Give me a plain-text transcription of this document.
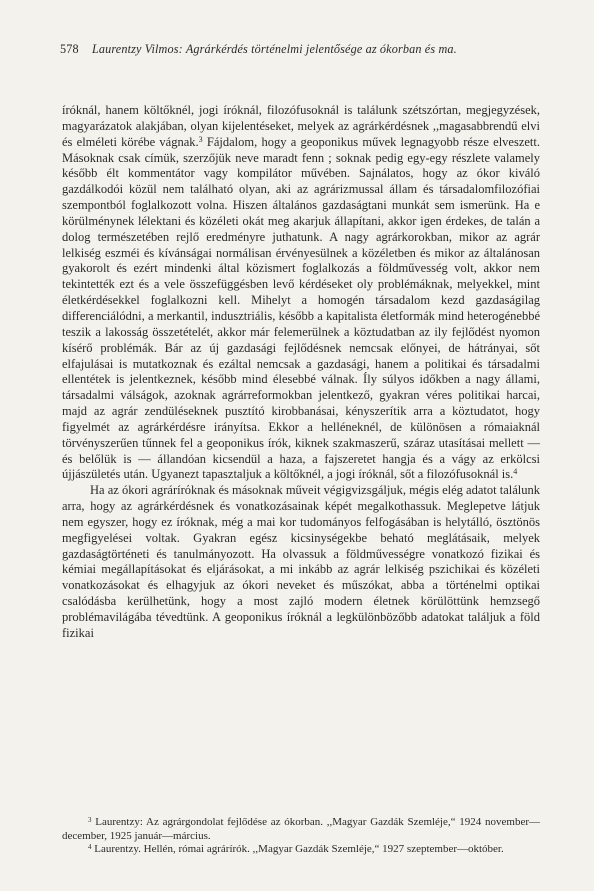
578 Laurentzy Vilmos: Agrárkérdés történelmi jelentősége az ókorban és ma.

íróknál, hanem költőknél, jogi íróknál, filozófusoknál is találunk szétszórtan, megjegyzések, magyarázatok alakjában, olyan kijelentéseket, melyek az agrárkérdésnek ,,magasabbrendű elvi és elméleti körébe vágnak.$^3$ Fájdalom, hogy a geoponikus művek legnagyobb része elveszett. Másoknak csak címük, szerzőjük neve maradt fenn ; soknak pedig egy-egy részlete valamely később élt kommentátor vagy kompilátor művében. Sajnálatos, hogy az ókor kiváló gazdálkodói közül nem található olyan, aki az agrárizmussal állam és társadalomfilozófiai szempontból foglalkozott volna. Hiszen általános gazdaságtani munkát sem ismerünk. Ha e körülménynek lélektani és közéleti okát meg akarjuk állapítani, akkor igen érdekes, de talán a dolog természetében rejlő eredményre juthatunk. A nagy agrárkorokban, mikor az agrár lelkiség eszméi és kívánságai normálisan érvényesülnek a közéletben és mikor az általánosan gyakorolt és ezért mindenki által közismert foglalkozás a földművesség volt, akkor nem tekintették ezt és a vele összefüggésben levő kérdéseket oly problémáknak, melyekkel, mint életkérdésekkel foglalkozni kell. Mihelyt a homogén társadalom kezd gazdaságilag differenciálódni, a merkantil, indusztriális, később a kapitalista életformák mind heterogénebbé teszik a lakosság összetételét, akkor már felemerülnek a köztudatban az ily fejlődést nyomon kísérő problémák. Bár az új gazdasági fejlődésnek nemcsak előnyei, de hátrányai, sőt elfajulásai is mutatkoznak és ezáltal nemcsak a gazdasági, hanem a politikai és társadalmi ellentétek is jelentkeznek, később mind élesebbé válnak. Íly súlyos időkben a nagy állami, társadalmi válságok, azoknak agrárreformokban jelentkező, gyakran véres politikai harcai, majd az agrár zendüléseknek pusztító kirobbanásai, kényszerítik arra a köztudatot, hogy figyelmét az agrárkérdésre irányítsa. Ekkor a helléneknél, de különösen a rómaiaknál törvényszerűen tűnnek fel a geoponikus írók, kiknek szakmaszerű, száraz utasításai mellett — és belőlük is — állandóan kicsendül a haza, a fajszeretet hangja és a vágy az erkölcsi újjászületés után. Ugyanezt tapasztaljuk a költőknél, a jogi íróknál, sőt a filozófusoknál is.$^4$

Ha az ókori agrárírόknak és másoknak műveit végigvizsgáljuk, mégis elég adatot találunk arra, hogy az agrárkérdésnek és vonatkozásainak képét megalkothassuk. Meglepetve látjuk nem egyszer, hogy ez íróknak, még a mai kor tudományos felfogásában is helytálló, ösztönös megfigyelései voltak. Gyakran egész kicsinységekbe beható meglátásaik, melyek gazdaságtörténeti és tanulmányozott. Ha olvassuk a földművességre vonatkozó fizikai és kémiai megállapításokat és eljárásokat, a mi inkább az agrár lelkiség pszichikai és közéleti vonatkozásokat és elhagyjuk az ókori neveket és műszókat, abba a történelmi optikai csalódásba kerülhetünk, hogy a most zajló modern életnek körülöttünk hemzsegő problémavilágába tévedtünk. A geoponikus íróknál a legkülönbözőbb adatokat találjuk a föld fizikai

$^3$ Laurentzy: Az agrárgondolat fejlődése az ókorban. ,,Magyar Gazdák Szemléje,“ 1924 november—december, 1925 január—március.

$^4$ Laurentzy. Hellén, római agrárírók. ,,Magyar Gazdák Szemléje,“ 1927 szeptember—október.
